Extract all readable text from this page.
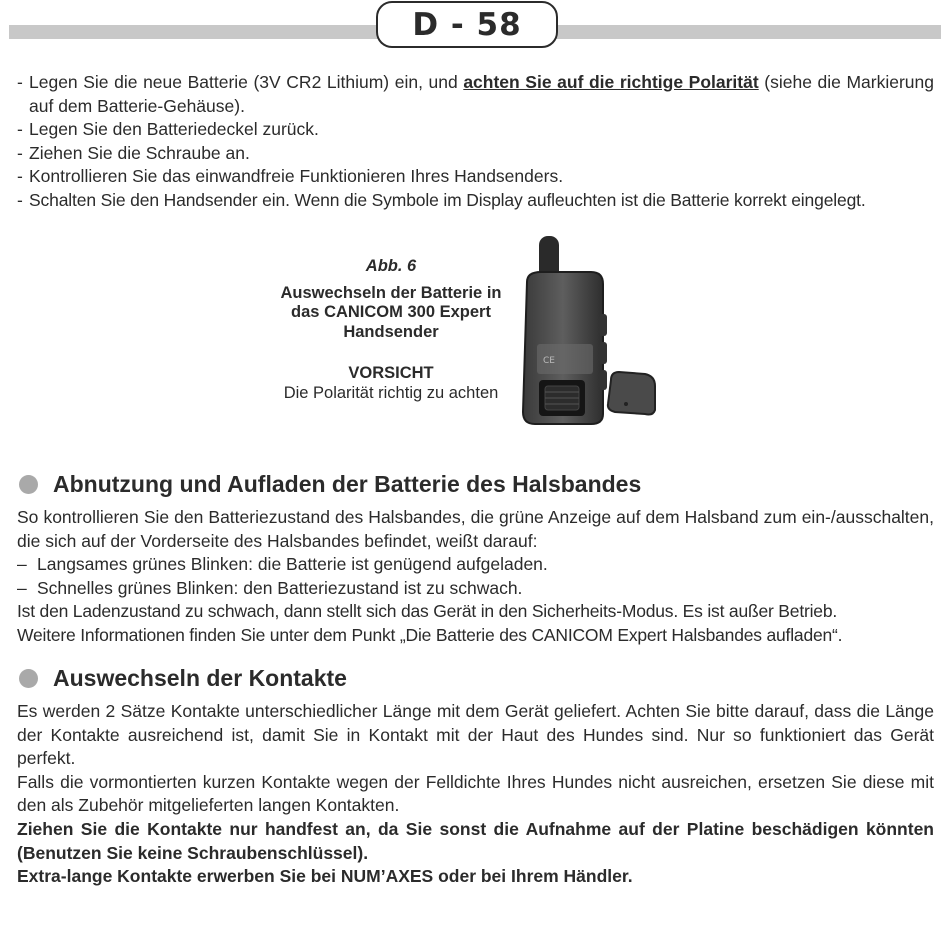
D - 58
- Legen Sie die neue Batterie (3V CR2 Lithium) ein, und achten Sie auf die richtige Polarität (siehe die Markierung auf dem Batterie-Gehäuse).
- Legen Sie den Batteriedeckel zurück.
- Ziehen Sie die Schraube an.
- Kontrollieren Sie das einwandfreie Funktionieren Ihres Handsenders.
- Schalten Sie den Handsender ein. Wenn die Symbole im Display aufleuchten ist die Batterie korrekt eingelegt.
Abb. 6
Auswechseln der Batterie in das CANICOM 300 Expert Handsender
VORSICHT
Die Polarität richtig zu achten
CE
Abnutzung und Aufladen der Batterie des Halsbandes
So kontrollieren Sie den Batteriezustand des Halsbandes, die grüne Anzeige auf dem Halsband zum ein-/ausschalten, die sich auf der Vorderseite des Halsbandes befindet, weißt darauf:
– Langsames grünes Blinken: die Batterie ist genügend aufgeladen.
– Schnelles grünes Blinken: den Batteriezustand ist zu schwach.
Ist den Ladenzustand zu schwach, dann stellt sich das Gerät in den Sicherheits-Modus. Es ist außer Betrieb.
Weitere Informationen finden Sie unter dem Punkt „Die Batterie des CANICOM Expert Halsbandes aufladen“.
Auswechseln der Kontakte
Es werden 2 Sätze Kontakte unterschiedlicher Länge mit dem Gerät geliefert. Achten Sie bitte darauf, dass die Länge der Kontakte ausreichend ist, damit Sie in Kontakt mit der Haut des Hundes sind. Nur so funktioniert das Gerät perfekt.
Falls die vormontierten kurzen Kontakte wegen der Felldichte Ihres Hundes nicht ausreichen, ersetzen Sie diese mit den als Zubehör mitgelieferten langen Kontakten.
Ziehen Sie die Kontakte nur handfest an, da Sie sonst die Aufnahme auf der Platine beschädigen könnten (Benutzen Sie keine Schraubenschlüssel).
Extra-lange Kontakte erwerben Sie bei NUM’AXES oder bei Ihrem Händler.
